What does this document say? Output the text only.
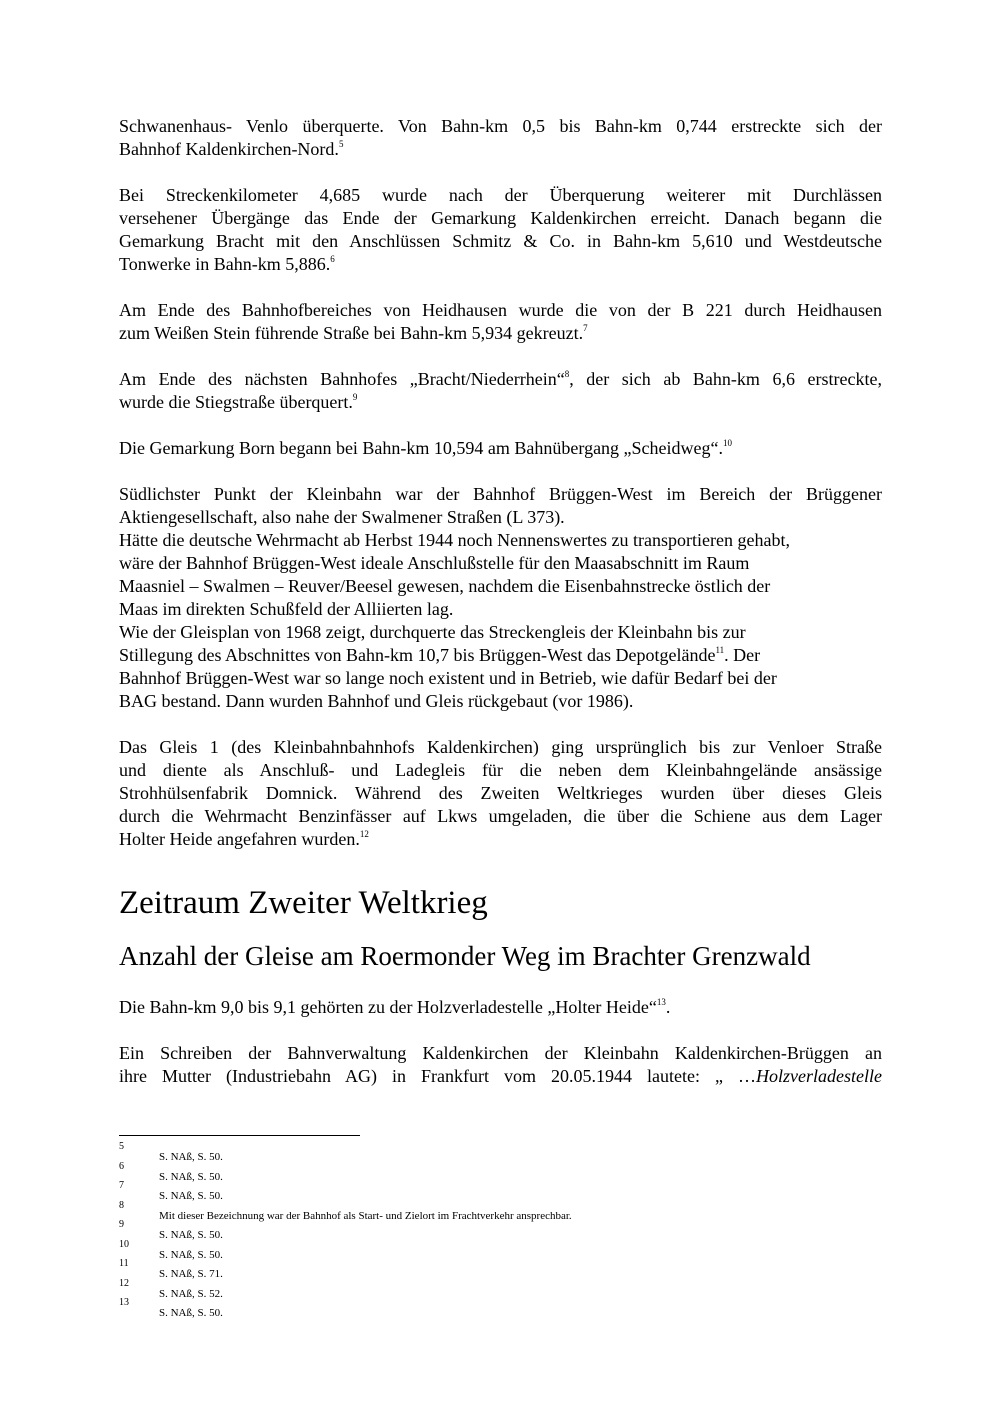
Schwanenhaus- Venlo überquerte. Von Bahn-km 0,5 bis Bahn-km 0,744 erstreckte sich der

Bahnhof Kaldenkirchen-Nord.$^5$

Bei Streckenkilometer 4,685 wurde nach der Überquerung weiterer mit Durchlässen

versehener Übergänge das Ende der Gemarkung Kaldenkirchen erreicht. Danach begann die

Gemarkung Bracht mit den Anschlüssen Schmitz & Co. in Bahn-km 5,610 und Westdeutsche

Tonwerke in Bahn-km 5,886.$^6$

Am Ende des Bahnhofbereiches von Heidhausen wurde die von der B 221 durch Heidhausen

zum Weißen Stein führende Straße bei Bahn-km 5,934 gekreuzt.$^7$

Am Ende des nächsten Bahnhofes „Bracht/Niederrhein“$^8$, der sich ab Bahn-km 6,6 erstreckte,

wurde die Stiegstraße überquert.$^9$

Die Gemarkung Born begann bei Bahn-km 10,594 am Bahnübergang „Scheidweg“.$^{10}$

Südlichster Punkt der Kleinbahn war der Bahnhof Brüggen-West im Bereich der Brüggener

Aktiengesellschaft, also nahe der Swalmener Straßen (L 373).

Hätte die deutsche Wehrmacht ab Herbst 1944 noch Nennenswertes zu transportieren gehabt,

wäre der Bahnhof Brüggen-West ideale Anschlußstelle für den Maasabschnitt im Raum

Maasniel – Swalmen – Reuver/Beesel gewesen, nachdem die Eisenbahnstrecke östlich der

Maas im direkten Schußfeld der Alliierten lag.

Wie der Gleisplan von 1968 zeigt, durchquerte das Streckengleis der Kleinbahn bis zur

Stillegung des Abschnittes von Bahn-km 10,7 bis Brüggen-West das Depotgelände$^{11}$. Der

Bahnhof Brüggen-West war so lange noch existent und in Betrieb, wie dafür Bedarf bei der

BAG bestand. Dann wurden Bahnhof und Gleis rückgebaut (vor 1986).

Das Gleis 1 (des Kleinbahnbahnhofs Kaldenkirchen) ging ursprünglich bis zur Venloer Straße

und diente als Anschluß- und Ladegleis für die neben dem Kleinbahngelände ansässige

Strohhülsenfabrik Domnick. Während des Zweiten Weltkrieges wurden über dieses Gleis

durch die Wehrmacht Benzinfässer auf Lkws umgeladen, die über die Schiene aus dem Lager

Holter Heide angefahren wurden.$^{12}$

Zeitraum Zweiter Weltkrieg
Anzahl der Gleise am Roermonder Weg im Brachter Grenzwald

Die Bahn-km 9,0 bis 9,1 gehörten zu der Holzverladestelle „Holter Heide“$^{13}$.

Ein Schreiben der Bahnverwaltung Kaldenkirchen der Kleinbahn Kaldenkirchen-Brüggen an

ihre Mutter (Industriebahn AG) in Frankfurt vom 20.05.1944 lautete: „ …Holzverladestelle

5
S. NAß, S. 50.
6
S. NAß, S. 50.
7
S. NAß, S. 50.
8
Mit dieser Bezeichnung war der Bahnhof als Start- und Zielort im Frachtverkehr ansprechbar.
9
S. NAß, S. 50.
10
S. NAß, S. 50.
11
S. NAß, S. 71.
12
S. NAß, S. 52.
13
S. NAß, S. 50.
